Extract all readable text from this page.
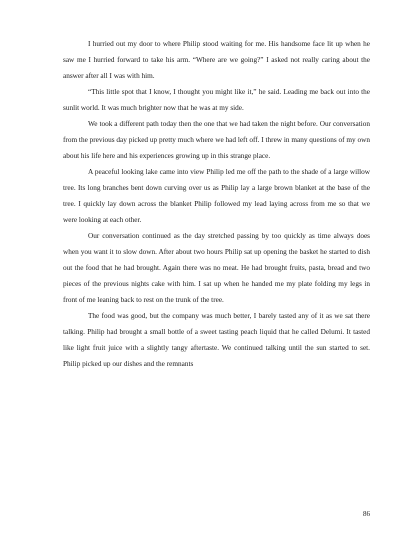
I hurried out my door to where Philip stood waiting for me. His handsome face lit up when he saw me I hurried forward to take his arm. “Where are we going?” I asked not really caring about the answer after all I was with him.

“This little spot that I know, I thought you might like it,” he said. Leading me back out into the sunlit world. It was much brighter now that he was at my side.

We took a different path today then the one that we had taken the night before. Our conversation from the previous day picked up pretty much where we had left off. I threw in many questions of my own about his life here and his experiences growing up in this strange place.

A peaceful looking lake came into view Philip led me off the path to the shade of a large willow tree. Its long branches bent down curving over us as Philip lay a large brown blanket at the base of the tree. I quickly lay down across the blanket Philip followed my lead laying across from me so that we were looking at each other.

Our conversation continued as the day stretched passing by too quickly as time always does when you want it to slow down. After about two hours Philip sat up opening the basket he started to dish out the food that he had brought. Again there was no meat. He had brought fruits, pasta, bread and two pieces of the previous nights cake with him. I sat up when he handed me my plate folding my legs in front of me leaning back to rest on the trunk of the tree.

The food was good, but the company was much better, I barely tasted any of it as we sat there talking. Philip had brought a small bottle of a sweet tasting peach liquid that he called Delumi. It tasted like light fruit juice with a slightly tangy aftertaste. We continued talking until the sun started to set. Philip picked up our dishes and the remnants

86
